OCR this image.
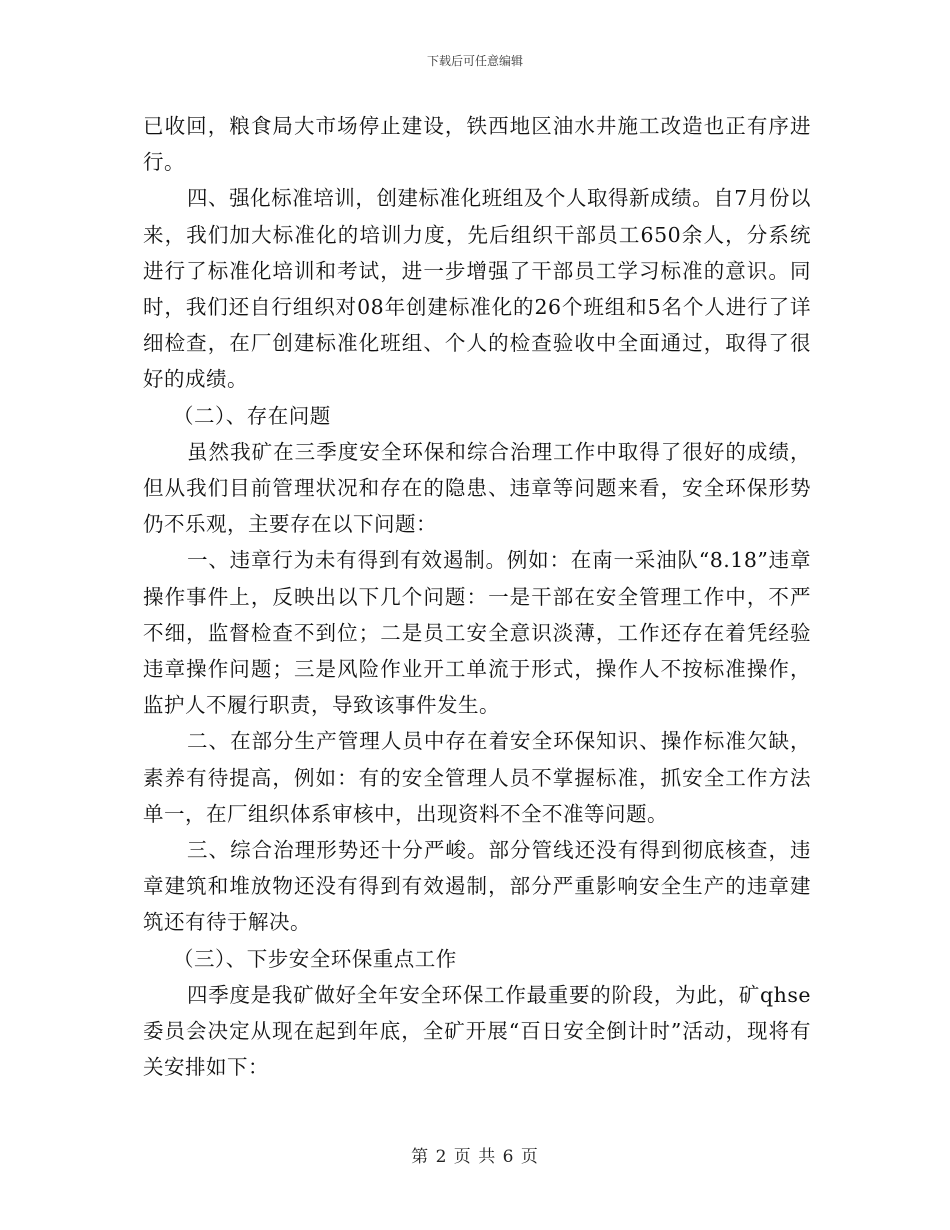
下载后可任意编辑

已收回，粮食局大市场停止建设，铁西地区油水井施工改造也正有序进行。

四、强化标准培训，创建标准化班组及个人取得新成绩。自7月份以来，我们加大标准化的培训力度，先后组织干部员工650余人，分系统进行了标准化培训和考试，进一步增强了干部员工学习标准的意识。同时，我们还自行组织对08年创建标准化的26个班组和5名个人进行了详细检查，在厂创建标准化班组、个人的检查验收中全面通过，取得了很好的成绩。

（二）、存在问题

虽然我矿在三季度安全环保和综合治理工作中取得了很好的成绩，但从我们目前管理状况和存在的隐患、违章等问题来看，安全环保形势仍不乐观，主要存在以下问题：

一、违章行为未有得到有效遏制。例如：在南一采油队“8.18”违章操作事件上，反映出以下几个问题：一是干部在安全管理工作中，不严不细，监督检查不到位；二是员工安全意识淡薄，工作还存在着凭经验违章操作问题；三是风险作业开工单流于形式，操作人不按标准操作，监护人不履行职责，导致该事件发生。

二、在部分生产管理人员中存在着安全环保知识、操作标准欠缺，素养有待提高，例如：有的安全管理人员不掌握标准，抓安全工作方法单一，在厂组织体系审核中，出现资料不全不准等问题。

三、综合治理形势还十分严峻。部分管线还没有得到彻底核查，违章建筑和堆放物还没有得到有效遏制，部分严重影响安全生产的违章建筑还有待于解决。

（三）、下步安全环保重点工作

四季度是我矿做好全年安全环保工作最重要的阶段，为此，矿qhse委员会决定从现在起到年底，全矿开展“百日安全倒计时”活动，现将有关安排如下：

第 2 页 共 6 页
